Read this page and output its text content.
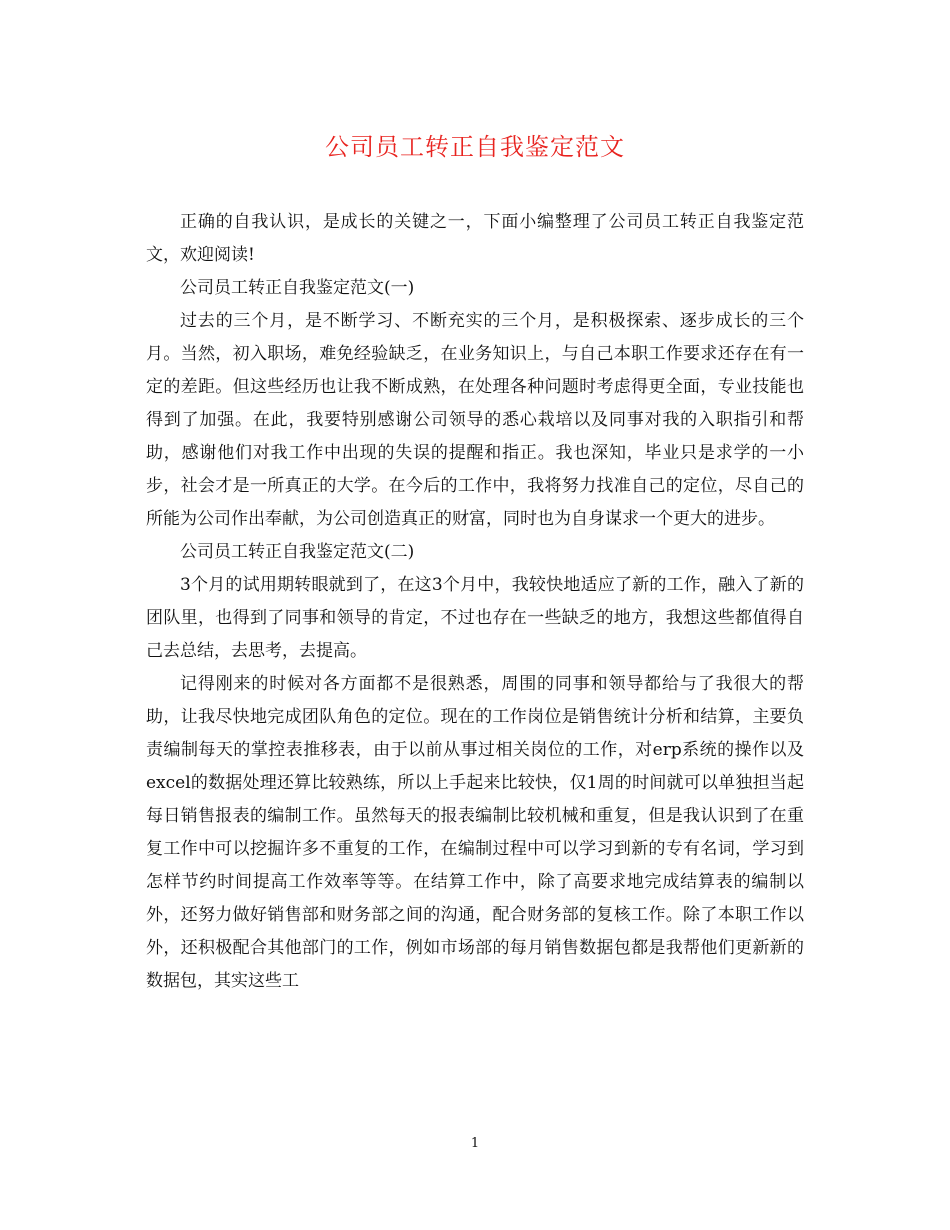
公司员工转正自我鉴定范文

正确的自我认识，是成长的关键之一，下面小编整理了公司员工转正自我鉴定范文，欢迎阅读!

公司员工转正自我鉴定范文(一)

过去的三个月，是不断学习、不断充实的三个月，是积极探索、逐步成长的三个月。当然，初入职场，难免经验缺乏，在业务知识上，与自己本职工作要求还存在有一定的差距。但这些经历也让我不断成熟，在处理各种问题时考虑得更全面，专业技能也得到了加强。在此，我要特别感谢公司领导的悉心栽培以及同事对我的入职指引和帮助，感谢他们对我工作中出现的失误的提醒和指正。我也深知，毕业只是求学的一小步，社会才是一所真正的大学。在今后的工作中，我将努力找准自己的定位，尽自己的所能为公司作出奉献，为公司创造真正的财富，同时也为自身谋求一个更大的进步。

公司员工转正自我鉴定范文(二)

3个月的试用期转眼就到了，在这3个月中，我较快地适应了新的工作，融入了新的团队里，也得到了同事和领导的肯定，不过也存在一些缺乏的地方，我想这些都值得自己去总结，去思考，去提高。

记得刚来的时候对各方面都不是很熟悉，周围的同事和领导都给与了我很大的帮助，让我尽快地完成团队角色的定位。现在的工作岗位是销售统计分析和结算，主要负责编制每天的掌控表推移表，由于以前从事过相关岗位的工作，对erp系统的操作以及excel的数据处理还算比较熟练，所以上手起来比较快，仅1周的时间就可以单独担当起每日销售报表的编制工作。虽然每天的报表编制比较机械和重复，但是我认识到了在重复工作中可以挖掘许多不重复的工作，在编制过程中可以学习到新的专有名词，学习到怎样节约时间提高工作效率等等。在结算工作中，除了高要求地完成结算表的编制以外，还努力做好销售部和财务部之间的沟通，配合财务部的复核工作。除了本职工作以外，还积极配合其他部门的工作，例如市场部的每月销售数据包都是我帮他们更新新的数据包，其实这些工

1
